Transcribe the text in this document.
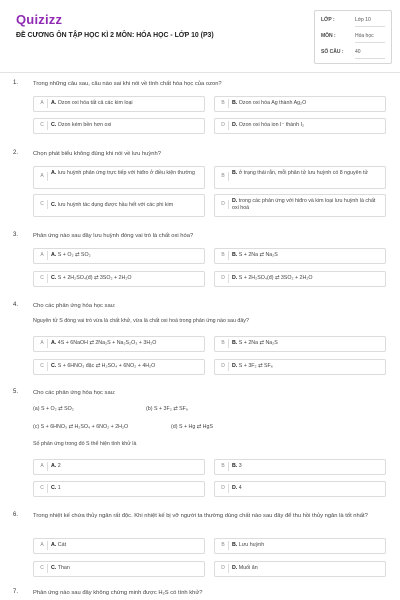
Quizizz
ĐỀ CƯƠNG ÔN TẬP HỌC KÌ 2 MÔN: HÓA HỌC - LỚP 10 (P3)
LỚP :	Lớp 10
MÔN :	Hóa học
SỐ CÂU : 40
1.	Trong những câu sau, câu nào sai khi nói về tính chất hóa học của ozon?
A	A. Ozon oxi hóa tất cả các kim loại	B	B. Ozon oxi hóa Ag thành Ag₂O
C	C. Ozon kém bền hơn oxi	D	D. Ozon oxi hóa ion I⁻ thành I₂
2.	Chọn phát biểu không đúng khi nói về lưu huỳnh?
A	A. lưu huỳnh phản ứng trực tiếp với hiđro ở điều kiện thường	B	B. ở trạng thái rắn, mỗi phân tử lưu huỳnh có 8 nguyên tử
C	C. lưu huỳnh tác dụng được hầu hết với các phi kim	D	D. trong các phản ứng với hiđro và kim loại lưu huỳnh là chất oxi hoá
3.	Phản ứng nào sau đây lưu huỳnh đóng vai trò là chất oxi hóa?
A	A. S + O₂ ⇄ SO₂	B	B. S + 2Na ⇄ Na₂S
C	C. S + 2H₂SO₄(đ) ⇄ 3SO₂ + 2H₂O	D	D. S + 2H₂SO₄(đ) ⇄ 3SO₂ + 2H₂O
4.	Cho các phản ứng hóa học sau:
Nguyên tử S đóng vai trò vừa là chất khử, vừa là chất oxi hoá trong phản ứng nào sau đây?
A	A. 4S + 6NaOH ⇄ 2Na₂S + Na₂S₂O₃ + 3H₂O	B	B. S + 2Na ⇄ Na₂S
C	C. S + 6HNO₃ đặc ⇄ H₂SO₄ + 6NO₂ + 4H₂O	D	D. S + 3F₂ ⇄ SF₆
5.	Cho các phản ứng hóa học sau:
(a) S + O₂ ⇄ SO₂	(b) S + 3F₂ ⇄ SF₆
(c) S + 6HNO₃ ⇄ H₂SO₄ + 6NO₂ + 2H₂O	(d) S + Hg ⇄ HgS
Số phản ứng trong đó S thể hiện tính khử là
A	A. 2	B	B. 3
C	C. 1	D	D. 4
6.	Trong nhiệt kế chứa thủy ngân rất độc. Khi nhiệt kế bị vỡ người ta thường dùng chất nào sau đây để thu hồi thủy ngân là tốt nhất?
A	A. Cát	B	B. Lưu huỳnh
C	C. Than	D	D. Muối ăn
7.	Phản ứng nào sau đây không chứng minh được H₂S có tính khử?
